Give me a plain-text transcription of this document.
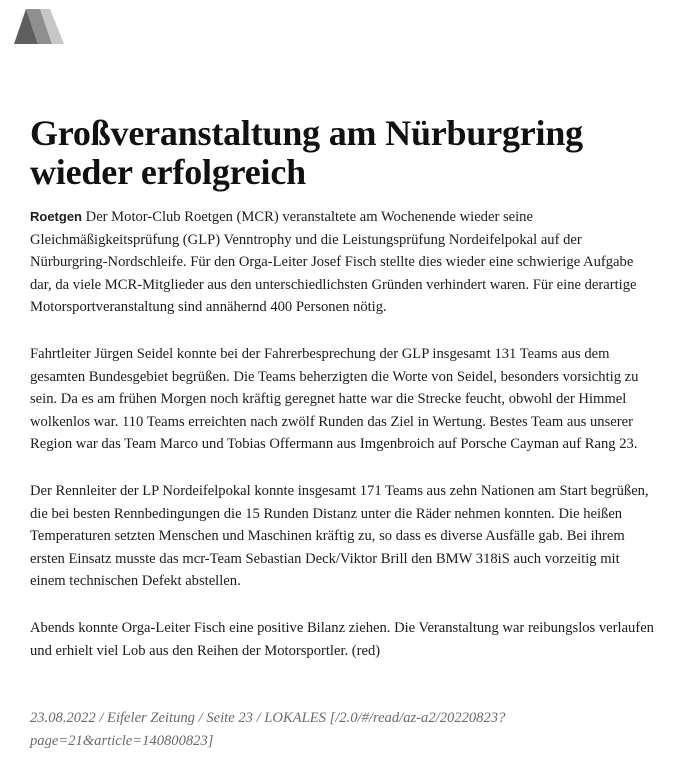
Großveranstaltung am Nürburgring wieder erfolgreich

Roetgen Der Motor-Club Roetgen (MCR) veranstaltete am Wochenende wieder seine Gleichmäßigkeitsprüfung (GLP) Venntrophy und die Leistungsprüfung Nordeifelpokal auf der Nürburgring-Nordschleife. Für den Orga-Leiter Josef Fisch stellte dies wieder eine schwierige Aufgabe dar, da viele MCR-Mitglieder aus den unterschiedlichsten Gründen verhindert waren. Für eine derartige Motorsportveranstaltung sind annähernd 400 Personen nötig.

Fahrtleiter Jürgen Seidel konnte bei der Fahrerbesprechung der GLP insgesamt 131 Teams aus dem gesamten Bundesgebiet begrüßen. Die Teams beherzigten die Worte von Seidel, besonders vorsichtig zu sein. Da es am frühen Morgen noch kräftig geregnet hatte war die Strecke feucht, obwohl der Himmel wolkenlos war. 110 Teams erreichten nach zwölf Runden das Ziel in Wertung. Bestes Team aus unserer Region war das Team Marco und Tobias Offermann aus Imgenbroich auf Porsche Cayman auf Rang 23.

Der Rennleiter der LP Nordeifelpokal konnte insgesamt 171 Teams aus zehn Nationen am Start begrüßen, die bei besten Rennbedingungen die 15 Runden Distanz unter die Räder nehmen konnten. Die heißen Temperaturen setzten Menschen und Maschinen kräftig zu, so dass es diverse Ausfälle gab. Bei ihrem ersten Einsatz musste das mcr-Team Sebastian Deck/Viktor Brill den BMW 318iS auch vorzeitig mit einem technischen Defekt abstellen.

Abends konnte Orga-Leiter Fisch eine positive Bilanz ziehen. Die Veranstaltung war reibungslos verlaufen und erhielt viel Lob aus den Reihen der Motorsportler. (red)

23.08.2022 / Eifeler Zeitung / Seite 23 / LOKALES [/2.0/#/read/az-a2/20220823?page=21&article=140800823]
